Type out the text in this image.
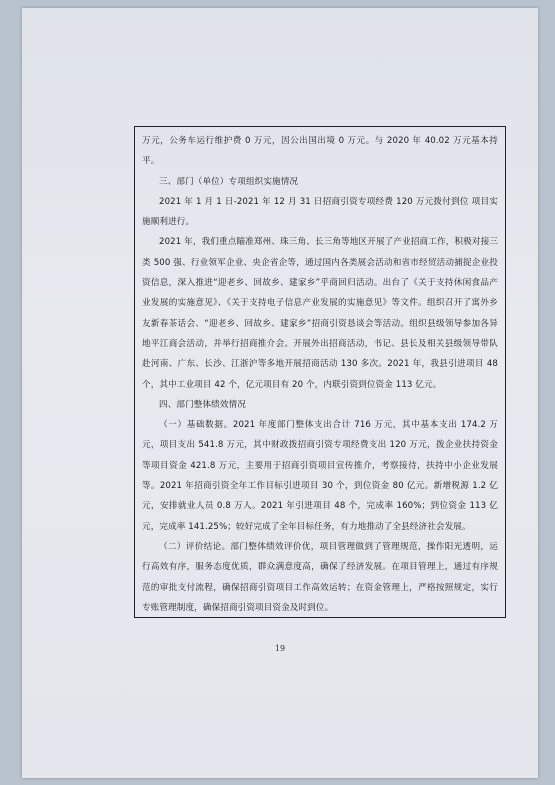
万元，公务车运行维护费 0 万元，因公出国出境 0 万元。与 2020 年 40.02 万元基本持平。

三、部门（单位）专项组织实施情况

2021 年 1 月 1 日-2021 年 12 月 31 日招商引资专项经费 120 万元拨付到位 项目实施顺利进行。

2021 年，我们重点瞄准郑州、珠三角、长三角等地区开展了产业招商工作，积极对接三类 500 强、行业领军企业、央企省企等，通过国内各类展会活动和省市经贸活动捕捉企业投资信息，深入推进“迎老乡、回故乡、建家乡”乎商回归活动。出台了《关于支持休闲食品产业发展的实施意见》、《关于支持电子信息产业发展的实施意见》等文件。组织召开了寓外乡友新春茶话会、“迎老乡、回故乡、建家乡”招商引资恳谈会等活动。组织县级领导参加各异地平江商会活动，并举行招商推介会。开展外出招商活动，书记、县长及相关县级领导带队赴河南、广东、长沙、江浙沪等多地开展招商活动 130 多次。2021 年，我县引进项目 48 个，其中工业项目 42 个，亿元项目有 20 个，内联引资到位资金 113 亿元。

四、部门整体绩效情况

（一）基础数据。2021 年度部门整体支出合计 716 万元，其中基本支出 174.2 万元，项目支出 541.8 万元，其中财政拨招商引资专项经费支出 120 万元，拨企业扶持资金等项目资金 421.8 万元，主要用于招商引资项目宣传推介，考察接待，扶持中小企业发展等。2021 年招商引资全年工作目标引进项目 30 个，到位资金 80 亿元。新增税源 1.2 亿元，安排就业人员 0.8 万人。2021 年引进项目 48 个，完成率 160%；到位资金 113 亿元，完成率 141.25%；较好完成了全年目标任务，有力地推动了全县经济社会发展。

（二）评价结论。部门整体绩效评价优，项目管理做到了管理规范，操作阳光透明，运行高效有序，服务态度优质，群众满意度高，确保了经济发展。在项目管理上，通过有序规范的审批支付流程，确保招商引资项目工作高效运转；在资金管理上，严格按照规定，实行专账管理制度，确保招商引资项目资金及时到位。

19
